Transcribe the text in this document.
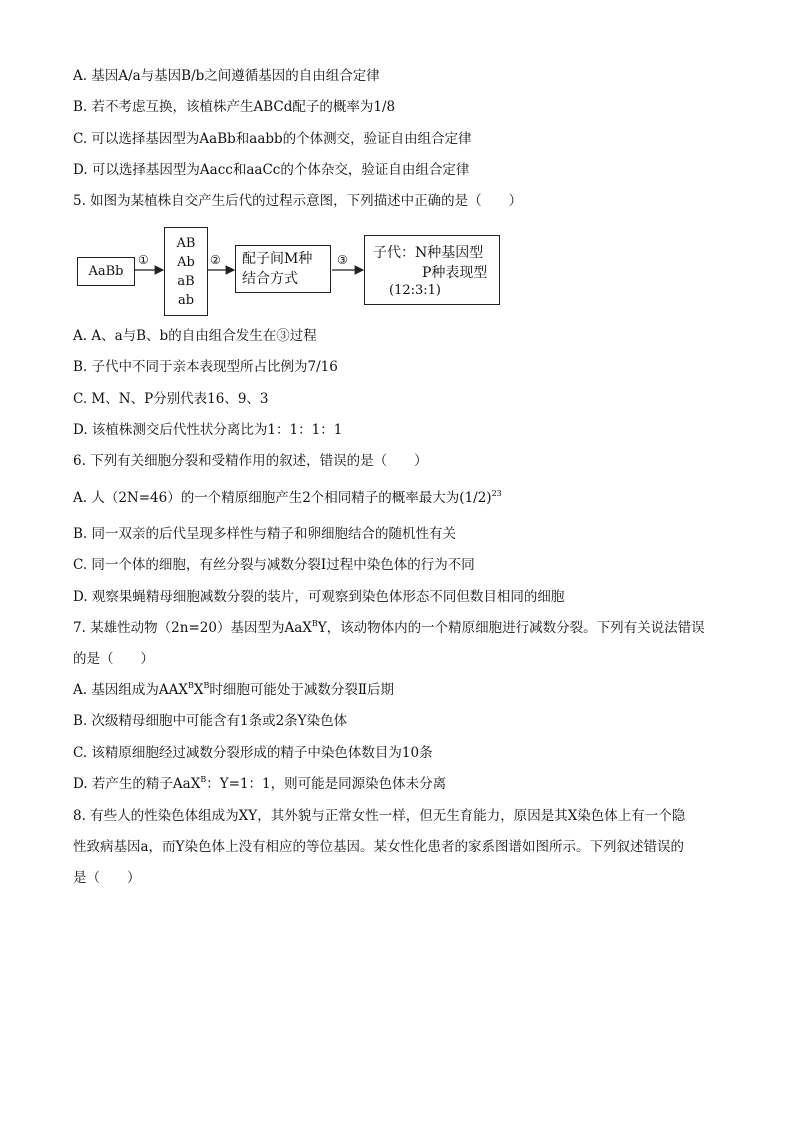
A. 基因A/a与基因B/b之间遵循基因的自由组合定律
B. 若不考虑互换，该植株产生ABCd配子的概率为1/8
C. 可以选择基因型为AaBb和aabb的个体测交，验证自由组合定律
D. 可以选择基因型为Aacc和aaCc的个体杂交，验证自由组合定律
5. 如图为某植株自交产生后代的过程示意图，下列描述中正确的是（　　）
AaBb
①
AB
Ab
aB
ab
② 配子间M种
结合方式
③ 子代：N种基因型
P种表现型
(12:3:1)
A. A、a与B、b的自由组合发生在③过程
B. 子代中不同于亲本表现型所占比例为7/16
C. M、N、P分别代表16、9、3
D. 该植株测交后代性状分离比为1：1：1：1
6. 下列有关细胞分裂和受精作用的叙述，错误的是（　　）
A. 人（2N=46）的一个精原细胞产生2个相同精子的概率最大为$(1/2)^{23}$
B. 同一双亲的后代呈现多样性与精子和卵细胞结合的随机性有关
C. 同一个体的细胞，有丝分裂与减数分裂Ⅰ过程中染色体的行为不同
D. 观察果蝇精母细胞减数分裂的装片，可观察到染色体形态不同但数目相同的细胞
7. 某雄性动物（2n=20）基因型为AaX$^B$Y，该动物体内的一个精原细胞进行减数分裂。下列有关说法错误
的是（　　）
A. 基因组成为$AAX^BX^B$时细胞可能处于减数分裂Ⅱ后期
B. 次级精母细胞中可能含有1条或2条Y染色体
C. 该精原细胞经过减数分裂形成的精子中染色体数目为10条
D. 若产生的精子AaX$^B$：Y=1：1，则可能是同源染色体未分离
8. 有些人的性染色体组成为XY，其外貌与正常女性一样，但无生育能力，原因是其X染色体上有一个隐
性致病基因a，而Y染色体上没有相应的等位基因。某女性化患者的家系图谱如图所示。下列叙述错误的
是（　　）
